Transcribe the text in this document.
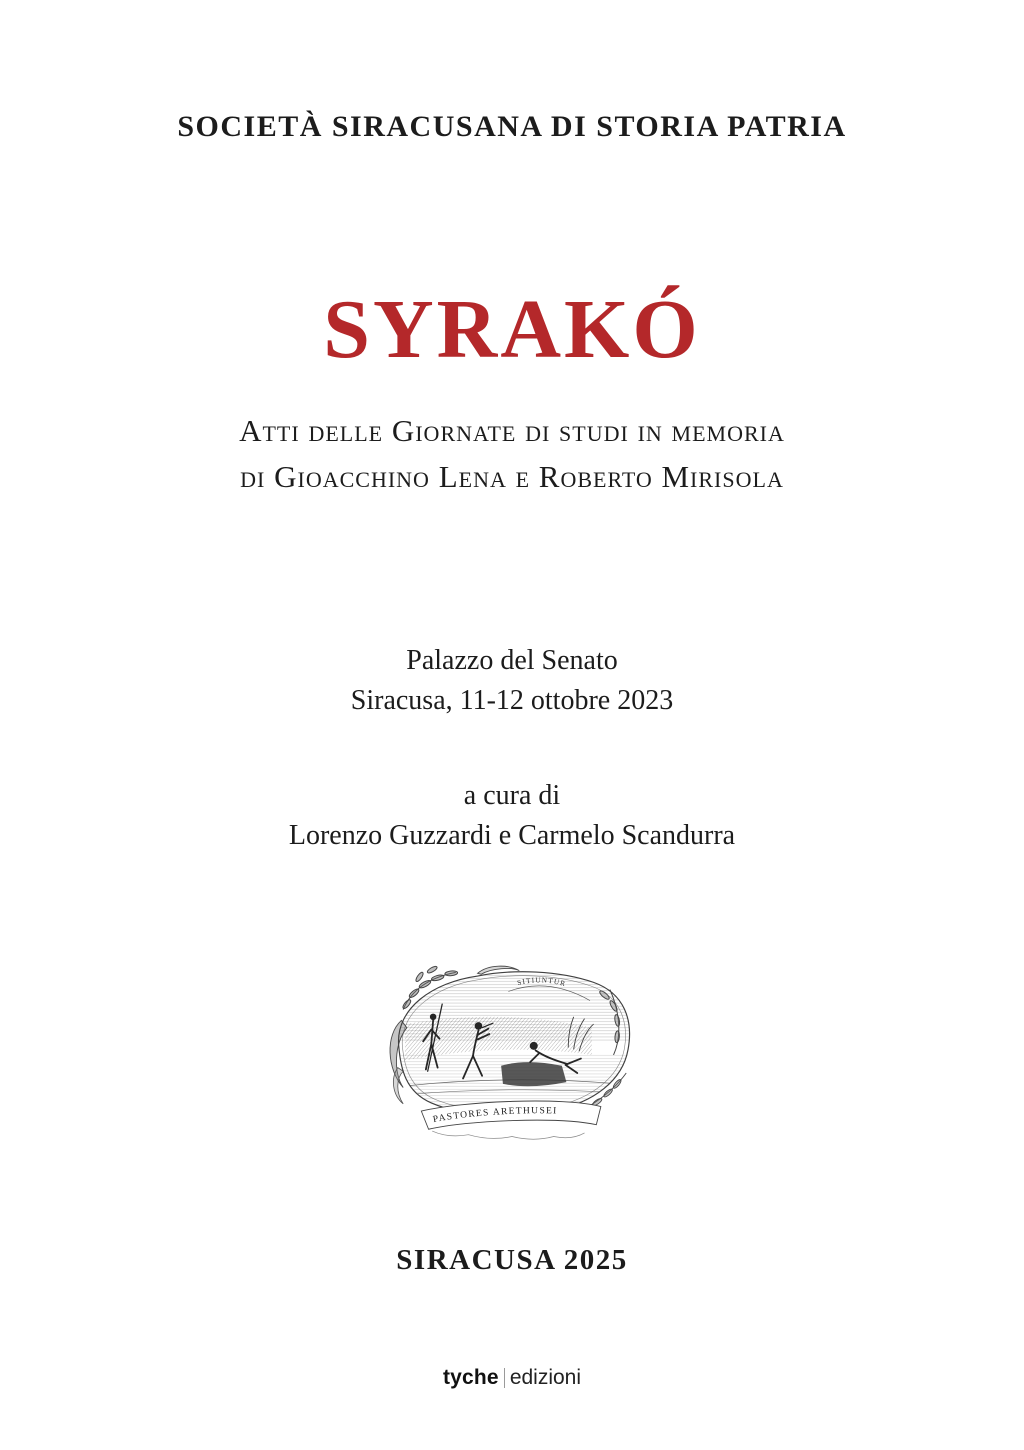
SOCIETÀ SIRACUSANA DI STORIA PATRIA
SYRAKÓ
Atti delle Giornate di studi in memoria
di Gioacchino Lena e Roberto Mirisola
Palazzo del Senato
Siracusa, 11-12 ottobre 2023
a cura di
Lorenzo Guzzardi e Carmelo Scandurra
SITIUNTUR
PASTORES ARETHUSEI
SIRACUSA 2025
tyche edizioni
